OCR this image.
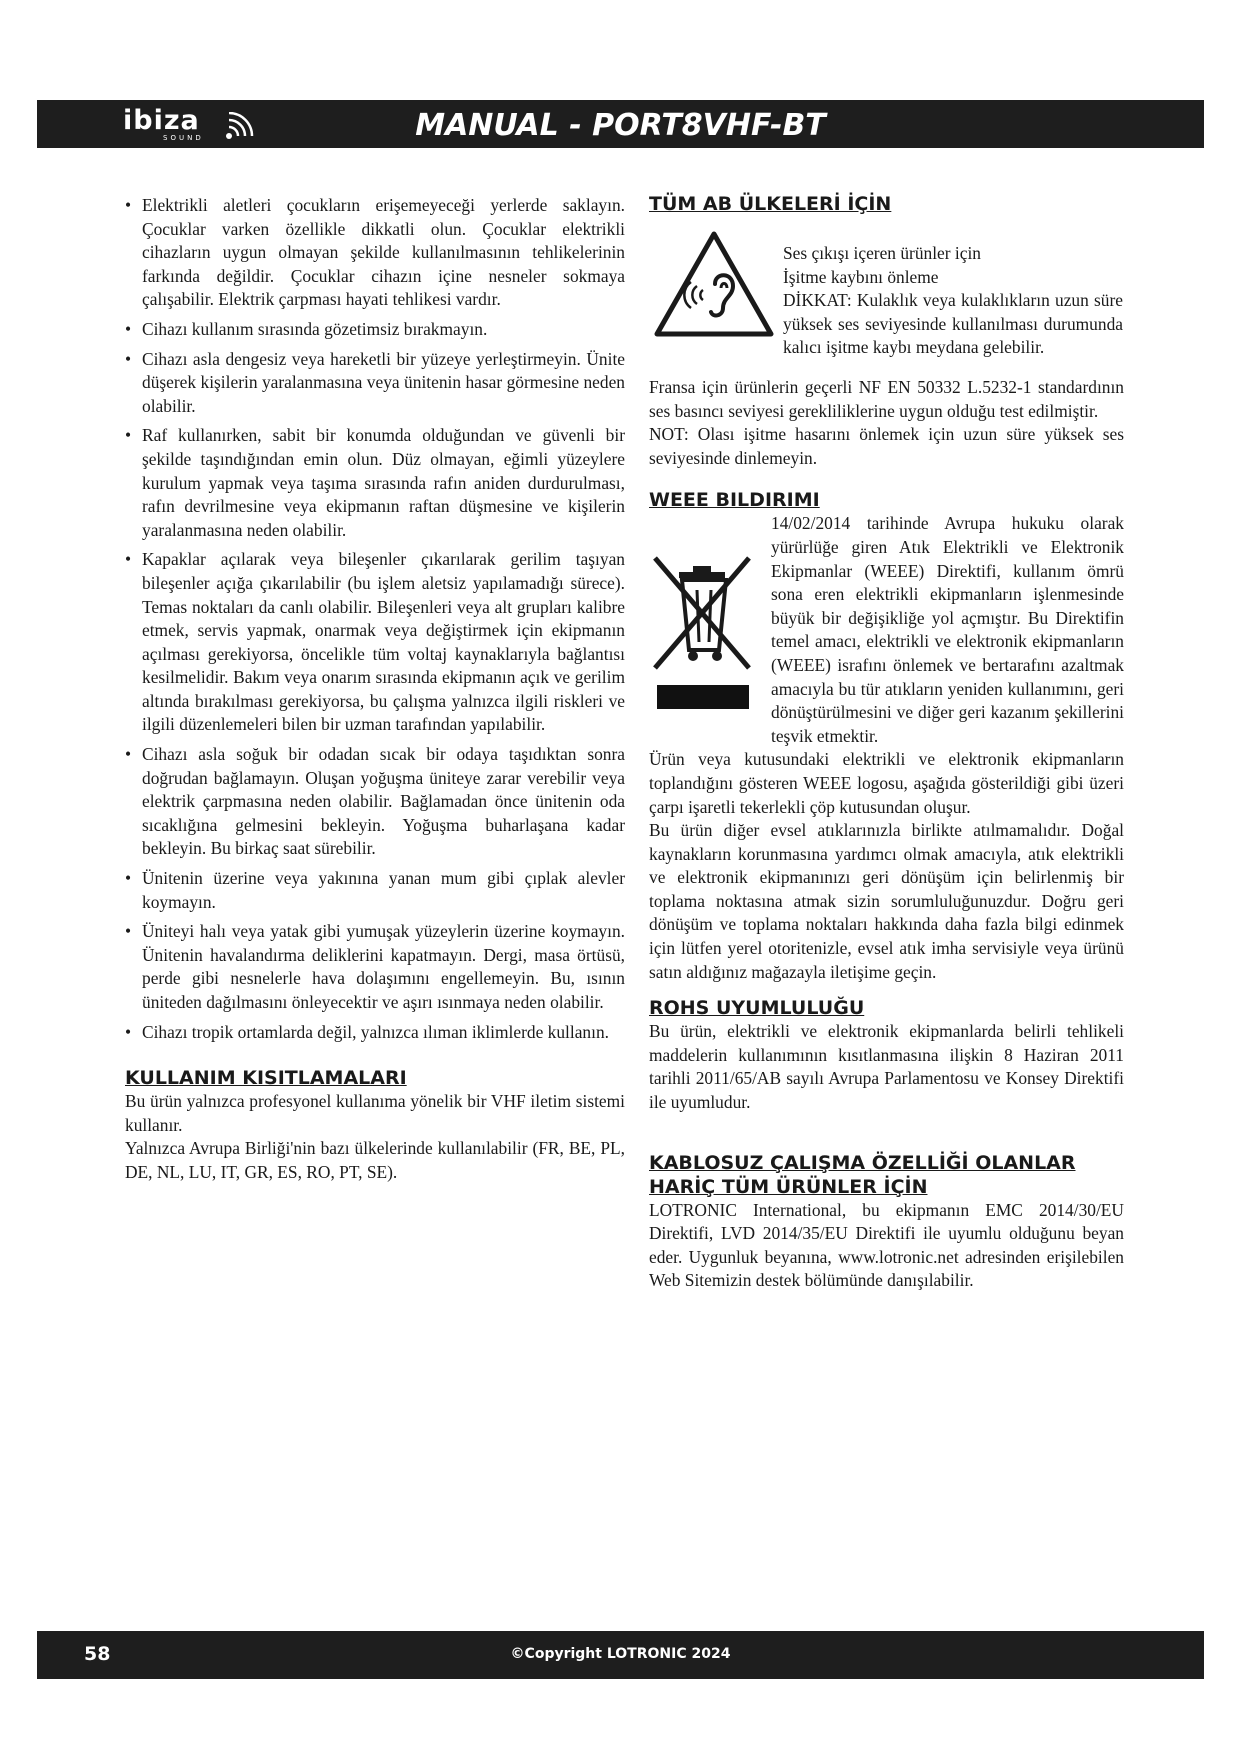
ibiza
SOUND	MANUAL - PORT8VHF-BT
• Elektrikli aletleri çocukların erişemeyeceği yerlerde saklayın. Çocuklar varken özellikle dikkatli olun. Çocuklar elektrikli cihazların uygun olmayan şekilde kullanılmasının tehlikelerinin farkında değildir. Çocuklar cihazın içine nesneler sokmaya çalışabilir. Elektrik çarpması hayati tehlikesi vardır.
• Cihazı kullanım sırasında gözetimsiz bırakmayın.
• Cihazı asla dengesiz veya hareketli bir yüzeye yerleştirmeyin. Ünite düşerek kişilerin yaralanmasına veya ünitenin hasar görmesine neden olabilir.
• Raf kullanırken, sabit bir konumda olduğundan ve güvenli bir şekilde taşındığından emin olun. Düz olmayan, eğimli yüzeylere kurulum yapmak veya taşıma sırasında rafın aniden durdurulması, rafın devrilmesine veya ekipmanın raftan düşmesine ve kişilerin yaralanmasına neden olabilir.
• Kapaklar açılarak veya bileşenler çıkarılarak gerilim taşıyan bileşenler açığa çıkarılabilir (bu işlem aletsiz yapılamadığı sürece). Temas noktaları da canlı olabilir. Bileşenleri veya alt grupları kalibre etmek, servis yapmak, onarmak veya değiştirmek için ekipmanın açılması gerekiyorsa, öncelikle tüm voltaj kaynaklarıyla bağlantısı kesilmelidir. Bakım veya onarım sırasında ekipmanın açık ve gerilim altında bırakılması gerekiyorsa, bu çalışma yalnızca ilgili riskleri ve ilgili düzenlemeleri bilen bir uzman tarafından yapılabilir.
• Cihazı asla soğuk bir odadan sıcak bir odaya taşıdıktan sonra doğrudan bağlamayın. Oluşan yoğuşma üniteye zarar verebilir veya elektrik çarpmasına neden olabilir. Bağlamadan önce ünitenin oda sıcaklığına gelmesini bekleyin. Yoğuşma buharlaşana kadar bekleyin. Bu birkaç saat sürebilir.
• Ünitenin üzerine veya yakınına yanan mum gibi çıplak alevler koymayın.
• Üniteyi halı veya yatak gibi yumuşak yüzeylerin üzerine koymayın. Ünitenin havalandırma deliklerini kapatmayın. Dergi, masa örtüsü, perde gibi nesnelerle hava dolaşımını engellemeyin. Bu, ısının üniteden dağılmasını önleyecektir ve aşırı ısınmaya neden olabilir.
• Cihazı tropik ortamlarda değil, yalnızca ılıman iklimlerde kullanın.
KULLANIM KISITLAMALARI

Bu ürün yalnızca profesyonel kullanıma yönelik bir VHF iletim sistemi kullanır.

Yalnızca Avrupa Birliği'nin bazı ülkelerinde kullanılabilir (FR, BE, PL, DE, NL, LU, IT, GR, ES, RO, PT, SE).

TÜM AB ÜLKELERİ İÇİN
Ses çıkışı içeren ürünler için
İşitme kaybını önleme
DİKKAT: Kulaklık veya kulaklıkların uzun süre yüksek ses seviyesinde kullanılması durumunda kalıcı işitme kaybı meydana gelebilir.

Fransa için ürünlerin geçerli NF EN 50332 L.5232-1 standardının ses basıncı seviyesi gerekliliklerine uygun olduğu test edilmiştir.

NOT: Olası işitme hasarını önlemek için uzun süre yüksek ses seviyesinde dinlemeyin.

WEEE BILDIRIMI
14/02/2014 tarihinde Avrupa hukuku olarak yürürlüğe giren Atık Elektrikli ve Elektronik Ekipmanlar (WEEE) Direktifi, kullanım ömrü sona eren elektrikli ekipmanların işlenmesinde büyük bir değişikliğe yol açmıştır. Bu Direktifin temel amacı, elektrikli ve elektronik ekipmanların (WEEE) israfını önlemek ve bertarafını azaltmak amacıyla bu tür atıkların yeniden kullanımını, geri dönüştürülmesini ve diğer geri kazanım şekillerini teşvik etmektir.

Ürün veya kutusundaki elektrikli ve elektronik ekipmanların toplandığını gösteren WEEE logosu, aşağıda gösterildiği gibi üzeri çarpı işaretli tekerlekli çöp kutusundan oluşur.

Bu ürün diğer evsel atıklarınızla birlikte atılmamalıdır. Doğal kaynakların korunmasına yardımcı olmak amacıyla, atık elektrikli ve elektronik ekipmanınızı geri dönüşüm için belirlenmiş bir toplama noktasına atmak sizin sorumluluğunuzdur. Doğru geri dönüşüm ve toplama noktaları hakkında daha fazla bilgi edinmek için lütfen yerel otoritenizle, evsel atık imha servisiyle veya ürünü satın aldığınız mağazayla iletişime geçin.

ROHS UYUMLULUĞU

Bu ürün, elektrikli ve elektronik ekipmanlarda belirli tehlikeli maddelerin kullanımının kısıtlanmasına ilişkin 8 Haziran 2011 tarihli 2011/65/AB sayılı Avrupa Parlamentosu ve Konsey Direktifi ile uyumludur.

KABLOSUZ ÇALIŞMA ÖZELLİĞİ OLANLAR HARİÇ TÜM ÜRÜNLER İÇİN

LOTRONIC International, bu ekipmanın EMC 2014/30/EU Direktifi, LVD 2014/35/EU Direktifi ile uyumlu olduğunu beyan eder. Uygunluk beyanına, www.lotronic.net adresinden erişilebilen Web Sitemizin destek bölümünde danışılabilir.

58	©Copyright LOTRONIC 2024
